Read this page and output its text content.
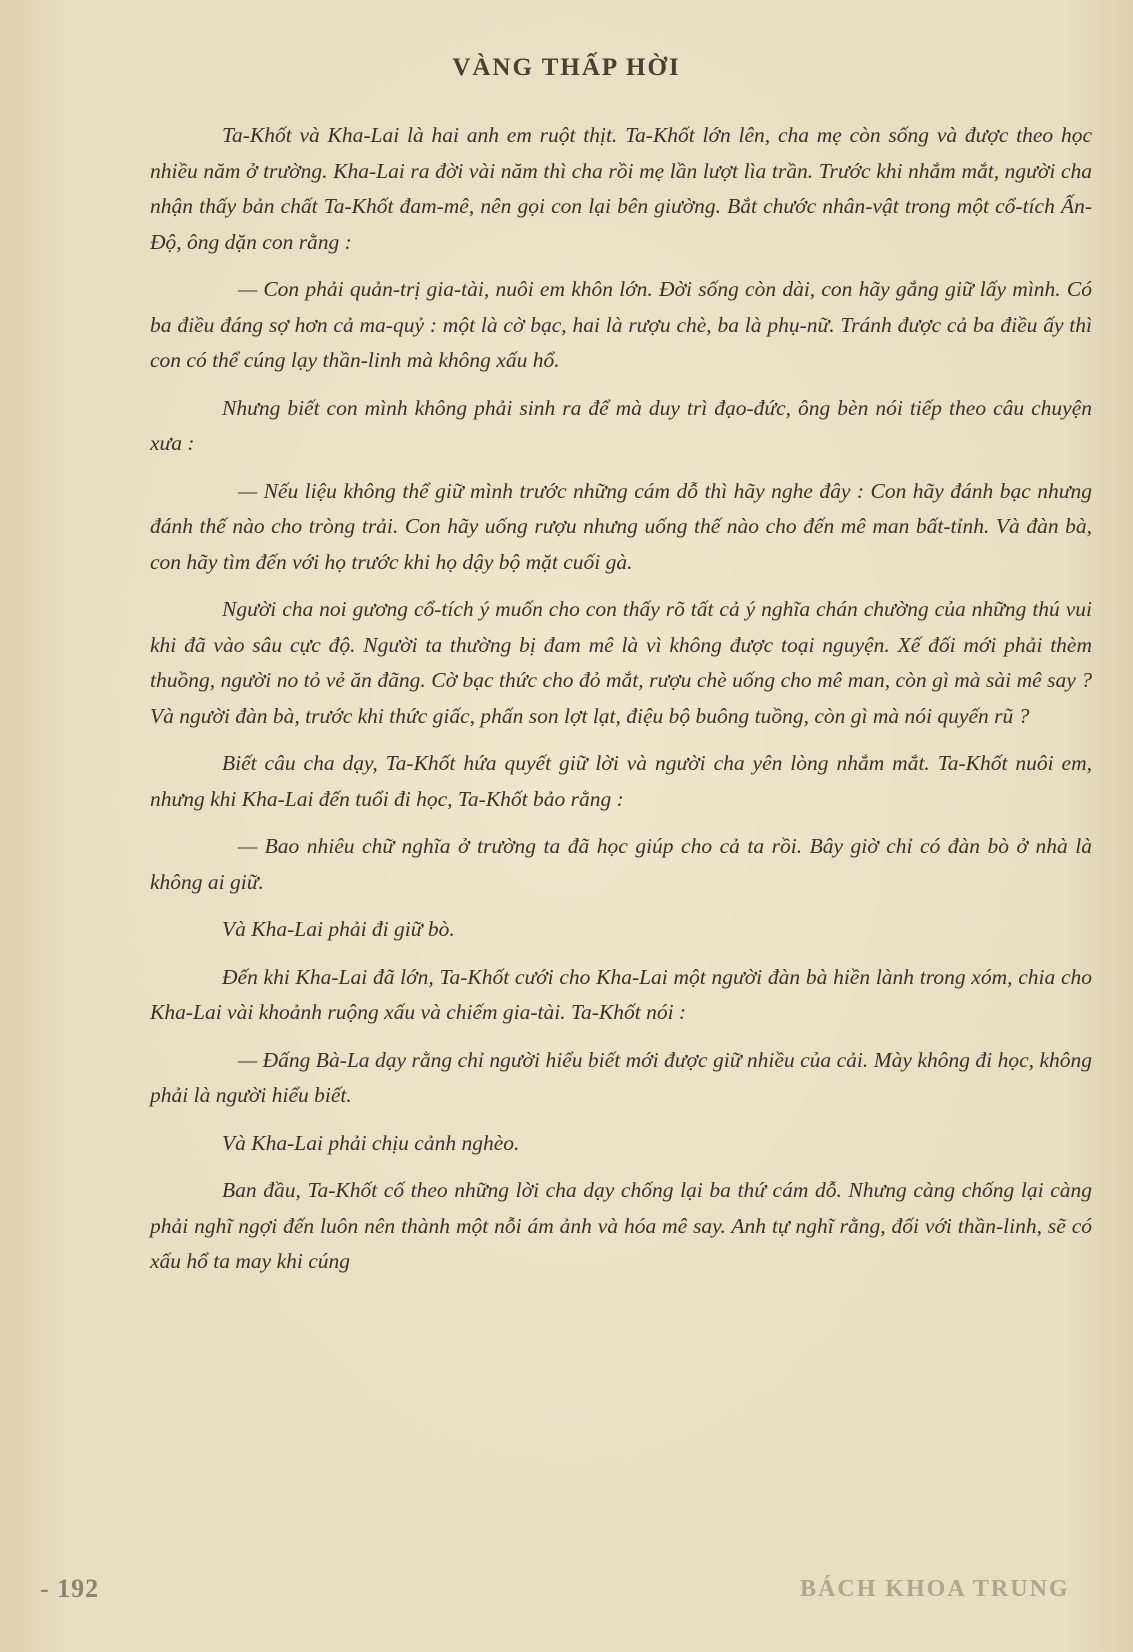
VÀNG THẤP HỜI

Ta-Khốt và Kha-Lai là hai anh em ruột thịt. Ta-Khốt lớn lên, cha mẹ còn sống và được theo học nhiều năm ở trường. Kha-Lai ra đời vài năm thì cha rồi mẹ lần lượt lìa trần. Trước khi nhắm mắt, người cha nhận thấy bản chất Ta-Khốt đam-mê, nên gọi con lại bên giường. Bắt chước nhân-vật trong một cổ-tích Ấn-Độ, ông dặn con rằng :

— Con phải quản-trị gia-tài, nuôi em khôn lớn. Đời sống còn dài, con hãy gắng giữ lấy mình. Có ba điều đáng sợ hơn cả ma-quỷ : một là cờ bạc, hai là rượu chè, ba là phụ-nữ. Tránh được cả ba điều ấy thì con có thể cúng lạy thần-linh mà không xấu hổ.

Nhưng biết con mình không phải sinh ra để mà duy trì đạo-đức, ông bèn nói tiếp theo câu chuyện xưa :

— Nếu liệu không thể giữ mình trước những cám dỗ thì hãy nghe đây : Con hãy đánh bạc nhưng đánh thế nào cho tròng trải. Con hãy uống rượu nhưng uống thế nào cho đến mê man bất-tỉnh. Và đàn bà, con hãy tìm đến với họ trước khi họ dậy bộ mặt cuối gà.

Người cha noi gương cổ-tích ý muốn cho con thấy rõ tất cả ý nghĩa chán chường của những thú vui khi đã vào sâu cực độ. Người ta thường bị đam mê là vì không được toại nguyện. Xế đối mới phải thèm thuồng, người no tỏ vẻ ăn đãng. Cờ bạc thức cho đỏ mắt, rượu chè uống cho mê man, còn gì mà sài mê say ? Và người đàn bà, trước khi thức giấc, phấn son lợt lạt, điệu bộ buông tuồng, còn gì mà nói quyến rũ ?

Biết câu cha dạy, Ta-Khốt hứa quyết giữ lời và người cha yên lòng nhắm mắt. Ta-Khốt nuôi em, nhưng khi Kha-Lai đến tuổi đi học, Ta-Khốt bảo rằng :

— Bao nhiêu chữ nghĩa ở trường ta đã học giúp cho cả ta rồi. Bây giờ chỉ có đàn bò ở nhà là không ai giữ.

Và Kha-Lai phải đi giữ bò.

Đến khi Kha-Lai đã lớn, Ta-Khốt cưới cho Kha-Lai một người đàn bà hiền lành trong xóm, chia cho Kha-Lai vài khoảnh ruộng xấu và chiếm gia-tài. Ta-Khốt nói :

— Đấng Bà-La dạy rằng chỉ người hiểu biết mới được giữ nhiều của cải. Mày không đi học, không phải là người hiểu biết.

Và Kha-Lai phải chịu cảnh nghèo.

Ban đầu, Ta-Khốt cố theo những lời cha dạy chống lại ba thứ cám dỗ. Nhưng càng chống lại càng phải nghĩ ngợi đến luôn nên thành một nỗi ám ảnh và hóa mê say. Anh tự nghĩ rằng, đối với thần-linh, sẽ có xấu hổ ta may khi cúng

- 192	BÁCH KHOA TRUNG
